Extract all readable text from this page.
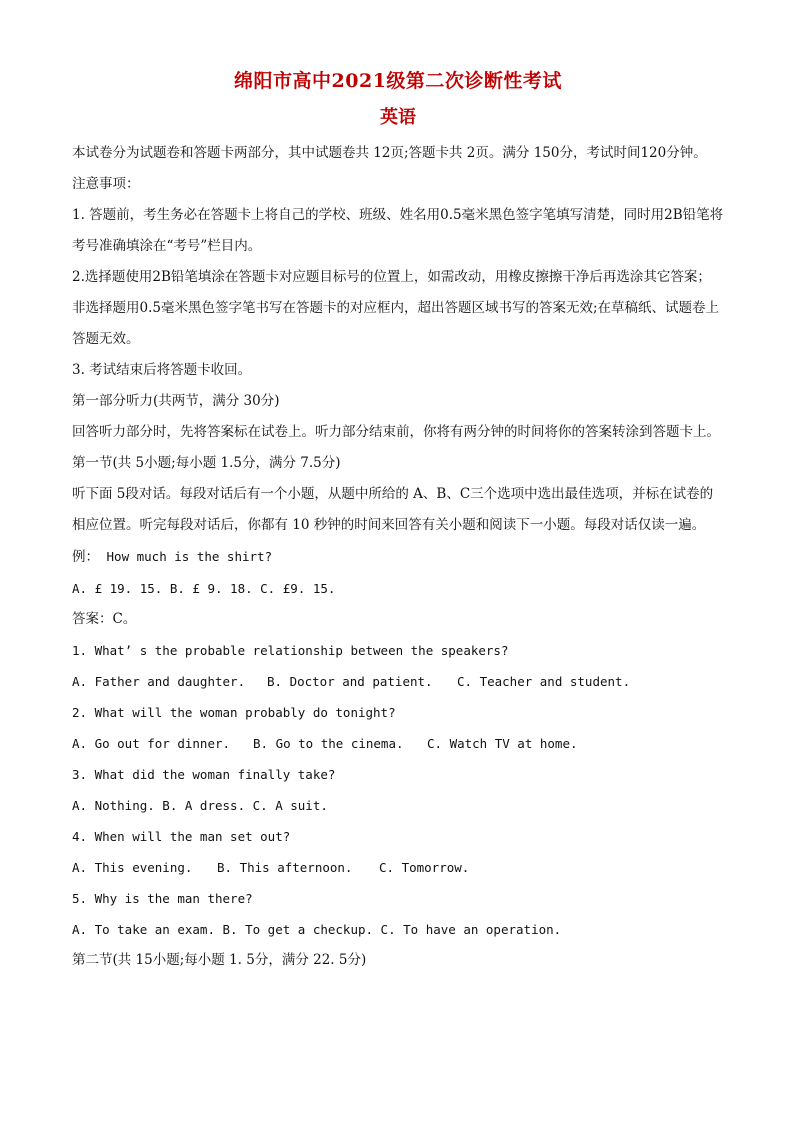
绵阳市高中2021级第二次诊断性考试
英语

本试卷分为试题卷和答题卡两部分，其中试题卷共 12页;答题卡共 2页。满分 150分，考试时间120分钟。

注意事项：

1. 答题前，考生务必在答题卡上将自己的学校、班级、姓名用0.5毫米黑色签字笔填写清楚，同时用2B铅笔将考号准确填涂在“考号”栏目内。

2.选择题使用2B铅笔填涂在答题卡对应题目标号的位置上，如需改动，用橡皮擦擦干净后再选涂其它答案；非选择题用0.5毫米黑色签字笔书写在答题卡的对应框内，超出答题区域书写的答案无效;在草稿纸、试题卷上答题无效。

3. 考试结束后将答题卡收回。

第一部分听力(共两节，满分 30分)

回答听力部分时，先将答案标在试卷上。听力部分结束前，你将有两分钟的时间将你的答案转涂到答题卡上。

第一节(共 5小题;每小题 1.5分，满分 7.5分)

听下面 5段对话。每段对话后有一个小题，从题中所给的 A、B、C三个选项中选出最佳选项，并标在试卷的相应位置。听完每段对话后，你都有 10 秒钟的时间来回答有关小题和阅读下一小题。每段对话仅读一遍。

例： How much is the shirt?

A. £ 19. 15. B. £ 9. 18. C. £9. 15.

答案：C。

1. What’ s the probable relationship between the speakers?

A. Father and daughter.	B. Doctor and patient.	C. Teacher and student.

2. What will the woman probably do tonight?

A. Go out for dinner.	B. Go to the cinema.	C. Watch TV at home.

3. What did the woman finally take?

A. Nothing. B. A dress. C. A suit.

4. When will the man set out?

A. This evening.	B. This afternoon.	C. Tomorrow.

5. Why is the man there?

A. To take an exam. B. To get a checkup. C. To have an operation.

第二节(共 15小题;每小题 1. 5分，满分 22. 5分)
